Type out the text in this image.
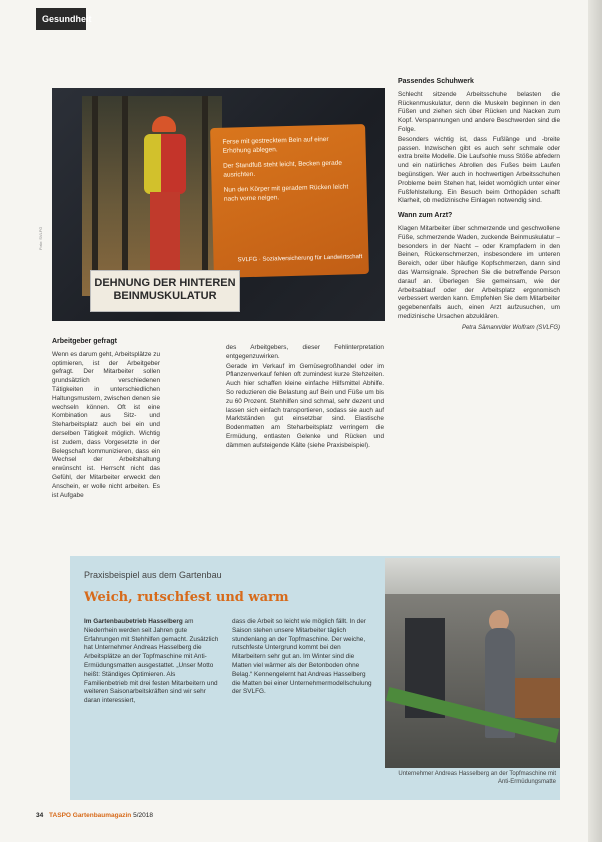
Gesundheit
Ferse mit gestrecktem Bein auf einer Erhöhung ablegen.
Der Standfuß steht leicht, Becken gerade ausrichten.
Nun den Körper mit geradem Rücken leicht nach vorne neigen.
SVLFG · Sozialversicherung für Landwirtschaft
DEHNUNG DER HINTEREN BEINMUSKULATUR
Foto: SVLFG
Arbeitgeber gefragt

Wenn es darum geht, Arbeitsplätze zu optimieren, ist der Arbeitgeber gefragt. Der Mitarbeiter sollen grundsätzlich verschiedenen Tätigkeiten in unterschiedlichen Haltungsmustern, zwischen denen sie wechseln können. Oft ist eine Kombination aus Sitz- und Steharbeitsplatz auch bei ein und derselben Tätigkeit möglich. Wichtig ist zudem, dass Vorgesetzte in der Belegschaft kommunizieren, dass ein Wechsel der Arbeitshaltung erwünscht ist. Herrscht nicht das Gefühl, der Mitarbeiter erweckt den Anschein, er wolle nicht arbeiten. Es ist Aufgabe

des Arbeitgebers, dieser Fehlinterpretation entgegenzuwirken.

Gerade im Verkauf im Gemüsegroßhandel oder im Pflanzenverkauf fehlen oft zumindest kurze Stehzeiten. Auch hier schaffen kleine einfache Hilfsmittel Abhilfe. So reduzieren die Belastung auf Bein und Füße um bis zu 60 Prozent. Stehhilfen sind schmal, sehr dezent und lassen sich einfach transportieren, sodass sie auch auf Marktständen gut einsetzbar sind. Elastische Bodenmatten am Steharbeitsplatz verringern die Ermüdung, entlasten Gelenke und Rücken und dämmen aufsteigende Kälte (siehe Praxisbeispiel).

Passendes Schuhwerk

Schlecht sitzende Arbeitsschuhe belasten die Rückenmuskulatur, denn die Muskeln beginnen in den Füßen und ziehen sich über Rücken und Nacken zum Kopf. Verspannungen und andere Beschwerden sind die Folge.

Besonders wichtig ist, dass Fußlänge und -breite passen. Inzwischen gibt es auch sehr schmale oder extra breite Modelle. Die Laufsohle muss Stöße abfedern und ein natürliches Abrollen des Fußes beim Laufen begünstigen. Wer auch in hochwertigen Arbeitsschuhen Probleme beim Stehen hat, leidet womöglich unter einer Fußfehlstellung. Ein Besuch beim Orthopäden schafft Klarheit, ob medizinische Einlagen notwendig sind.

Wann zum Arzt?

Klagen Mitarbeiter über schmerzende und geschwollene Füße, schmerzende Waden, zuckende Beinmuskulatur – besonders in der Nacht – oder Krampfadern in den Beinen, Rückenschmerzen, insbesondere im unteren Bereich, oder über häufige Kopfschmerzen, dann sind das Warnsignale. Sprechen Sie die betreffende Person darauf an. Überlegen Sie gemeinsam, wie der Arbeitsablauf oder der Arbeitsplatz ergonomisch verbessert werden kann. Empfehlen Sie dem Mitarbeiter gegebenenfalls auch, einen Arzt aufzusuchen, um medizinische Ursachen abzuklären.

Petra Sämann/der Wolfram (SVLFG)
Praxisbeispiel aus dem Gartenbau
Weich, rutschfest und warm
Im Gartenbaubetrieb Hasselberg am Niederrhein werden seit Jahren gute Erfahrungen mit Stehhilfen gemacht. Zusätzlich hat Unternehmer Andreas Hasselberg die Arbeitsplätze an der Topfmaschine mit Anti-Ermüdungsmatten ausgestattet. „Unser Motto heißt: Ständiges Optimieren. Als Familienbetrieb mit drei festen Mitarbeitern und weiteren Saisonarbeitskräften sind wir sehr daran interessiert,
dass die Arbeit so leicht wie möglich fällt. In der Saison stehen unsere Mitarbeiter täglich stundenlang an der Topfmaschine. Der weiche, rutschfeste Untergrund kommt bei den Mitarbeitern sehr gut an. Im Winter sind die Matten viel wärmer als der Betonboden ohne Belag.“ Kennengelernt hat Andreas Hasselberg die Matten bei einer Unternehmermodellschulung der SVLFG.
Unternehmer Andreas Hasselberg an der Topfmaschine mit Anti-Ermüdungsmatte
34 TASPO Gartenbaumagazin 5/2018
